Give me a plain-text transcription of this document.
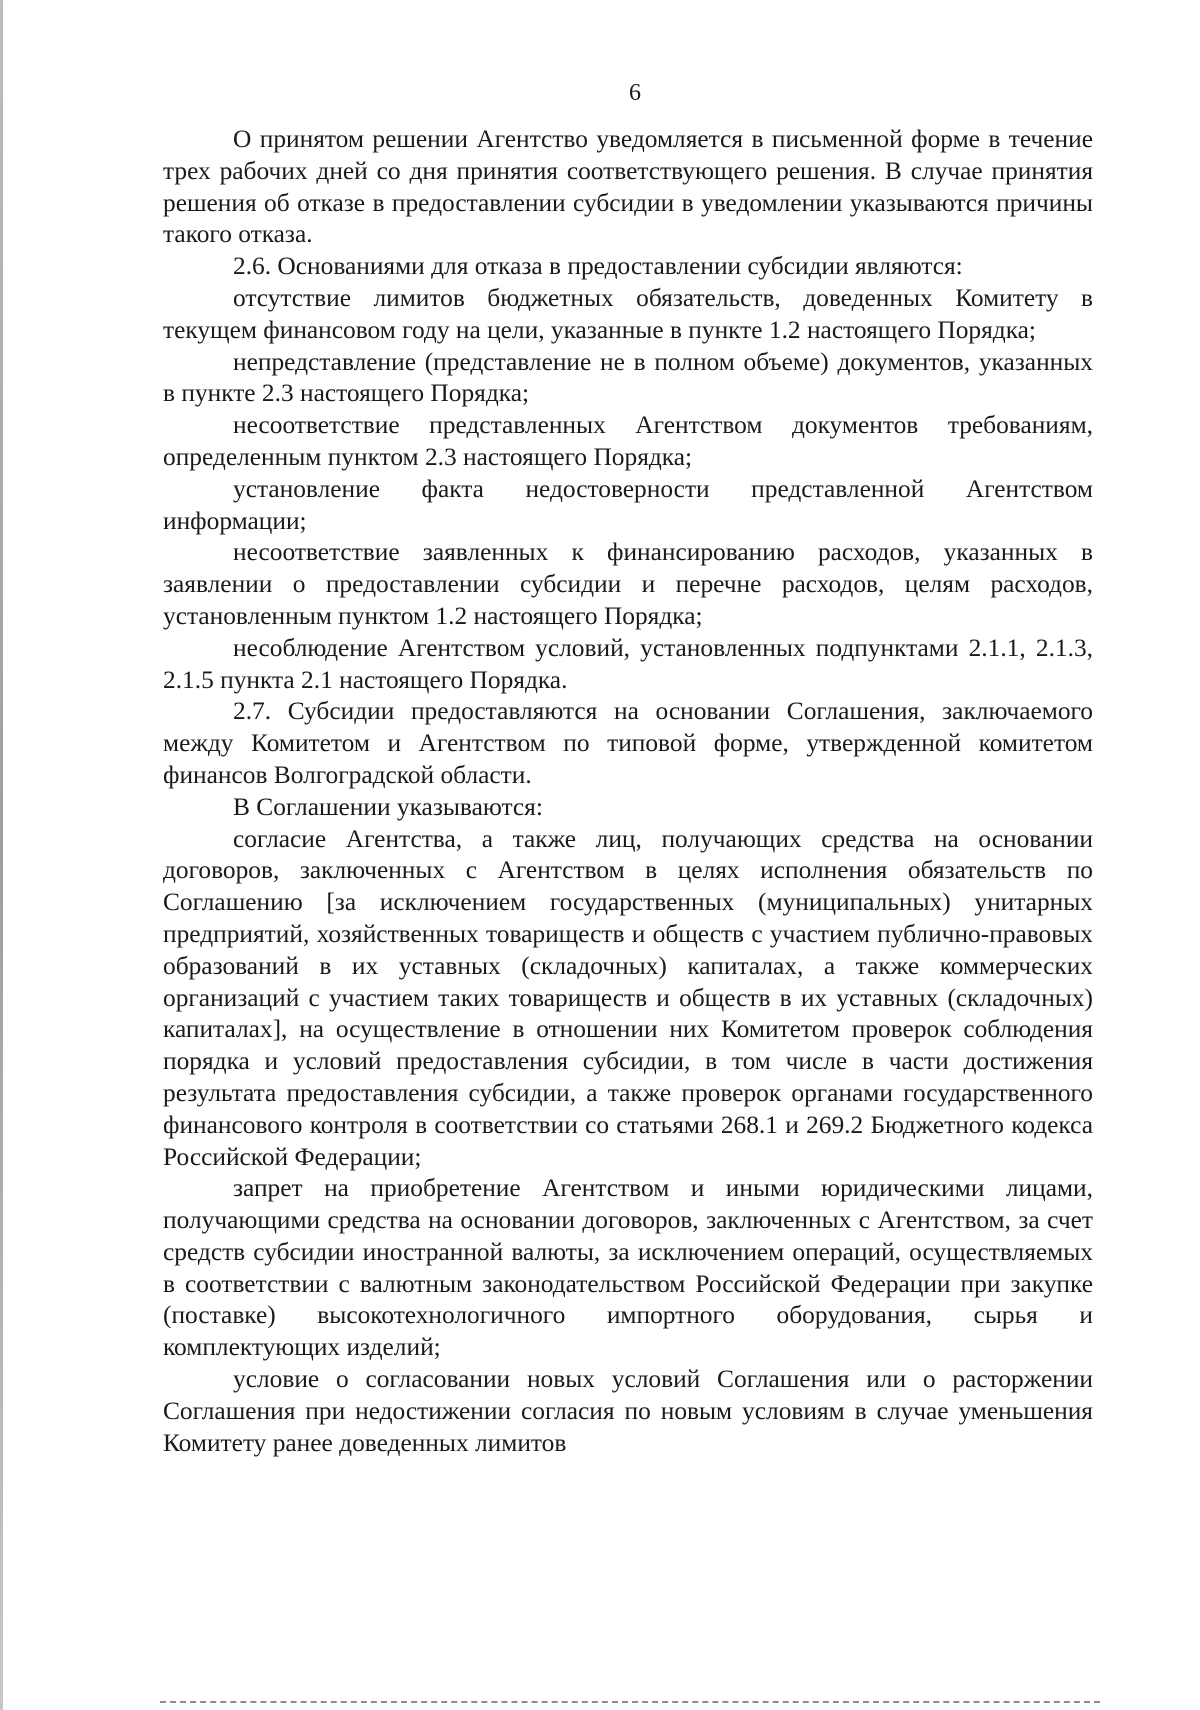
6

О принятом решении Агентство уведомляется в письменной форме в течение трех рабочих дней со дня принятия соответствующего решения. В случае принятия решения об отказе в предоставлении субсидии в уведомлении указываются причины такого отказа.

2.6. Основаниями для отказа в предоставлении субсидии являются:

отсутствие лимитов бюджетных обязательств, доведенных Комитету в текущем финансовом году на цели, указанные в пункте 1.2 настоящего Порядка;

непредставление (представление не в полном объеме) документов, указанных в пункте 2.3 настоящего Порядка;

несоответствие представленных Агентством документов требованиям, определенным пунктом 2.3 настоящего Порядка;

установление факта недостоверности представленной Агентством информации;

несоответствие заявленных к финансированию расходов, указанных в заявлении о предоставлении субсидии и перечне расходов, целям расходов, установленным пунктом 1.2 настоящего Порядка;

несоблюдение Агентством условий, установленных подпунктами 2.1.1, 2.1.3, 2.1.5 пункта 2.1 настоящего Порядка.

2.7. Субсидии предоставляются на основании Соглашения, заключаемого между Комитетом и Агентством по типовой форме, утвержденной комитетом финансов Волгоградской области.

В Соглашении указываются:

согласие Агентства, а также лиц, получающих средства на основании договоров, заключенных с Агентством в целях исполнения обязательств по Соглашению [за исключением государственных (муниципальных) унитарных предприятий, хозяйственных товариществ и обществ с участием публично-правовых образований в их уставных (складочных) капиталах, а также коммерческих организаций с участием таких товариществ и обществ в их уставных (складочных) капиталах], на осуществление в отношении них Комитетом проверок соблюдения порядка и условий предоставления субсидии, в том числе в части достижения результата предоставления субсидии, а также проверок органами государственного финансового контроля в соответствии со статьями 268.1 и 269.2 Бюджетного кодекса Российской Федерации;

запрет на приобретение Агентством и иными юридическими лицами, получающими средства на основании договоров, заключенных с Агентством, за счет средств субсидии иностранной валюты, за исключением операций, осуществляемых в соответствии с валютным законодательством Российской Федерации при закупке (поставке) высокотехнологичного импортного оборудования, сырья и комплектующих изделий;

условие о согласовании новых условий Соглашения или о расторжении Соглашения при недостижении согласия по новым условиям в случае уменьшения Комитету ранее доведенных лимитов
